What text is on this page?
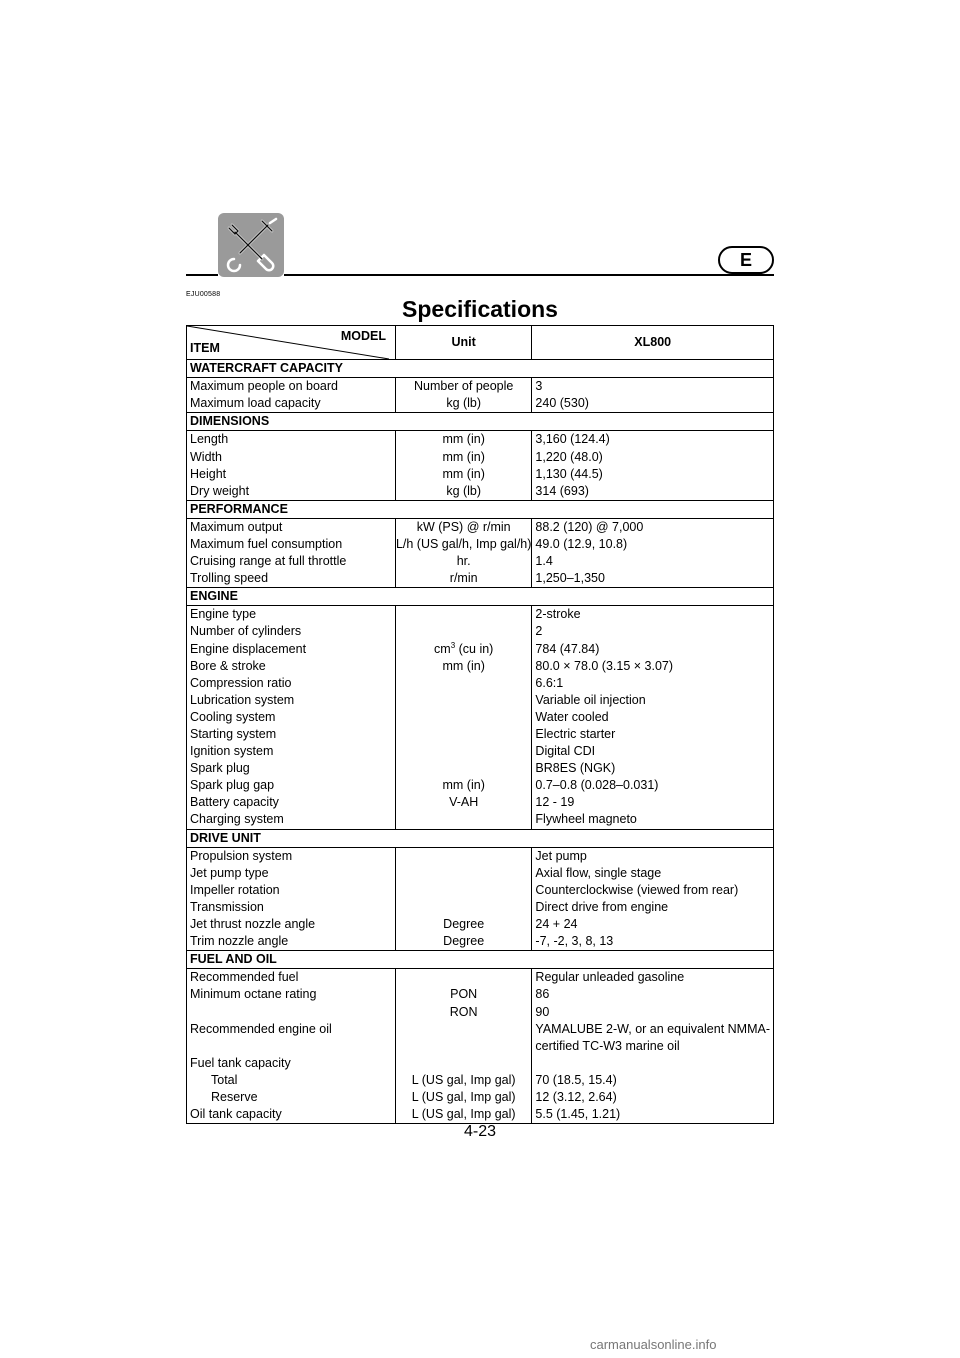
E
EJU00588
Specifications
MODEL
ITEM	Unit	XL800
WATERCRAFT CAPACITY		
Maximum people on board	Number of people	3
Maximum load capacity	kg (lb)	240 (530)
DIMENSIONS		
Length	mm (in)	3,160 (124.4)
Width	mm (in)	1,220 (48.0)
Height	mm (in)	1,130 (44.5)
Dry weight	kg (lb)	314 (693)
PERFORMANCE		
Maximum output	kW (PS) @ r/min	88.2 (120) @ 7,000
Maximum fuel consumption	L/h (US gal/h, Imp gal/h)	49.0 (12.9, 10.8)
Cruising range at full throttle	hr.	1.4
Trolling speed	r/min	1,250–1,350
ENGINE		
Engine type		2-stroke
Number of cylinders		2
Engine displacement	$cm^3$ (cu in)	784 (47.84)
Bore & stroke	mm (in)	80.0 × 78.0 (3.15 × 3.07)
Compression ratio		6.6:1
Lubrication system		Variable oil injection
Cooling system		Water cooled
Starting system		Electric starter
Ignition system		Digital CDI
Spark plug		BR8ES (NGK)
Spark plug gap	mm (in)	0.7–0.8 (0.028–0.031)
Battery capacity	V-AH	12 - 19
Charging system		Flywheel magneto
DRIVE UNIT		
Propulsion system		Jet pump
Jet pump type		Axial flow, single stage
Impeller rotation		Counterclockwise (viewed from rear)
Transmission		Direct drive from engine
Jet thrust nozzle angle	Degree	24 + 24
Trim nozzle angle	Degree	-7, -2, 3, 8, 13
FUEL AND OIL		
Recommended fuel		Regular unleaded gasoline
Minimum octane rating	PON	86
	RON	90
Recommended engine oil		YAMALUBE 2-W, or an equivalent NMMA-
		certified TC-W3 marine oil
Fuel tank capacity		
Total	L (US gal, Imp gal)	70 (18.5, 15.4)
Reserve	L (US gal, Imp gal)	12 (3.12, 2.64)
Oil tank capacity	L (US gal, Imp gal)	5.5 (1.45, 1.21)
4-23
carmanualsonline.info
